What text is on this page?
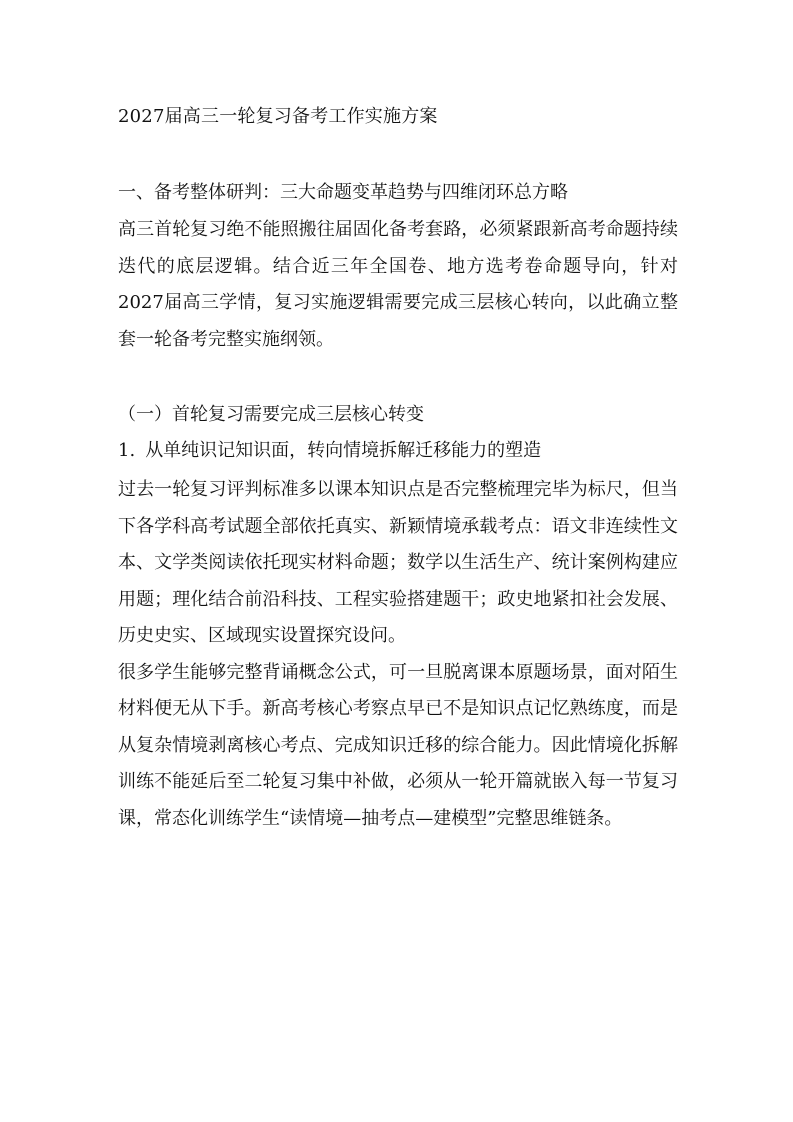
2027届高三一轮复习备考工作实施方案
一、备考整体研判：三大命题变革趋势与四维闭环总方略

高三首轮复习绝不能照搬往届固化备考套路，必须紧跟新高考命题持续迭代的底层逻辑。结合近三年全国卷、地方选考卷命题导向，针对2027届高三学情，复习实施逻辑需要完成三层核心转向，以此确立整套一轮备考完整实施纲领。

（一）首轮复习需要完成三层核心转变
1. 从单纯识记知识面，转向情境拆解迁移能力的塑造

过去一轮复习评判标准多以课本知识点是否完整梳理完毕为标尺，但当下各学科高考试题全部依托真实、新颖情境承载考点：语文非连续性文本、文学类阅读依托现实材料命题；数学以生活生产、统计案例构建应用题；理化结合前沿科技、工程实验搭建题干；政史地紧扣社会发展、历史史实、区域现实设置探究设问。

很多学生能够完整背诵概念公式，可一旦脱离课本原题场景，面对陌生材料便无从下手。新高考核心考察点早已不是知识点记忆熟练度，而是从复杂情境剥离核心考点、完成知识迁移的综合能力。因此情境化拆解训练不能延后至二轮复习集中补做，必须从一轮开篇就嵌入每一节复习课，常态化训练学生“读情境—抽考点—建模型”完整思维链条。
